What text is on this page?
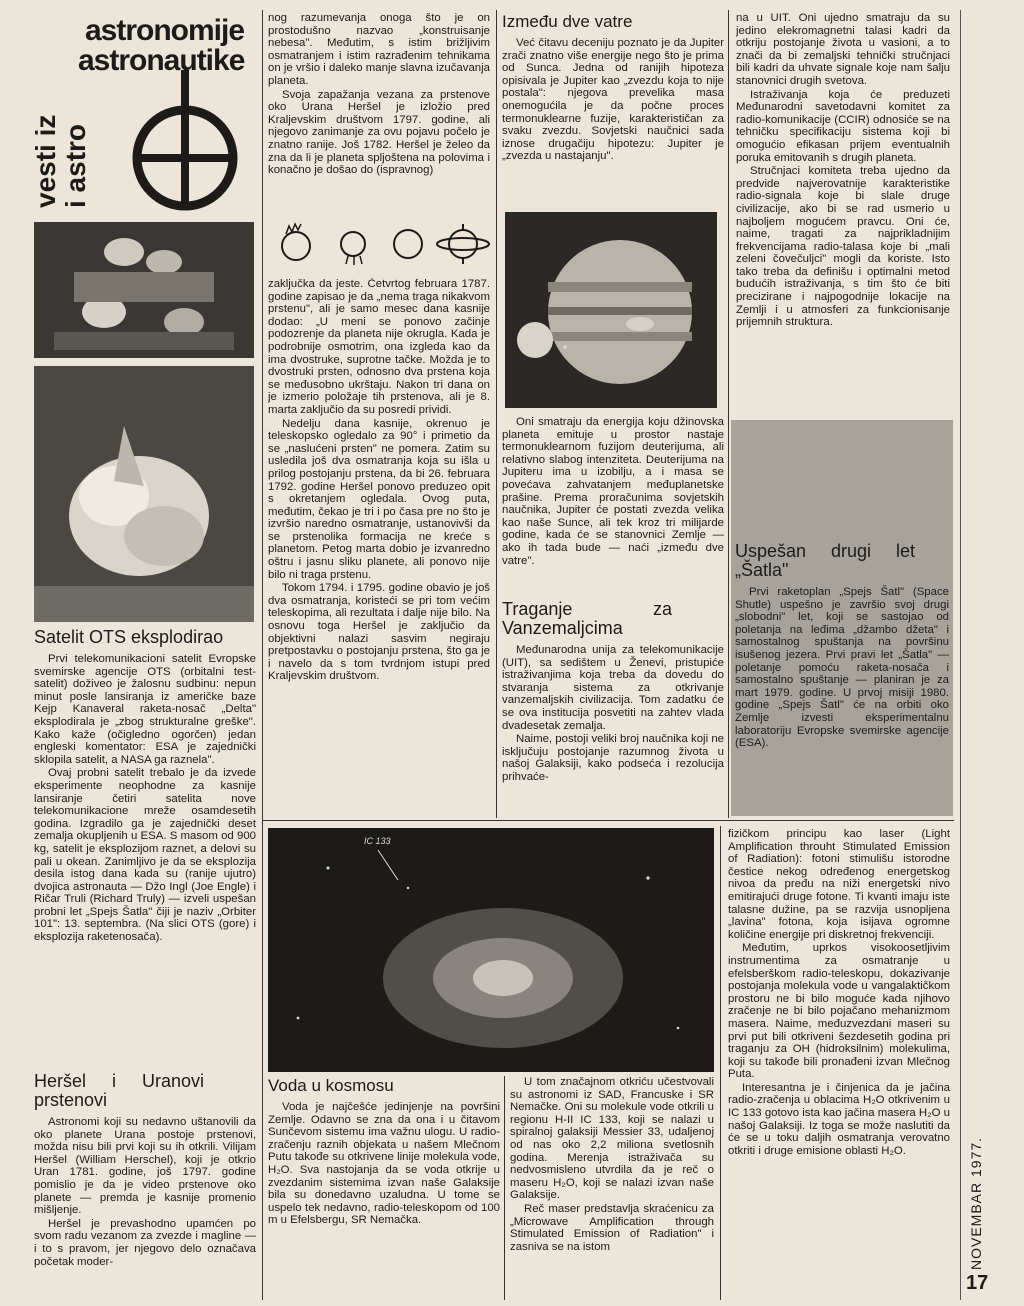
astronomije
astronautike
vesti iz i astro
Satelit OTS eksplodirao

Prvi telekomunikacioni satelit Evropske svemirske agencije OTS (orbitalni test-satelit) doživeo je žalosnu sudbinu: nepun minut posle lansiranja iz američke baze Kejp Kanaveral raketa-nosač „Delta" eksplodirala je „zbog strukturalne greške". Kako kaže (očigledno ogorčen) jedan engleski komentator: ESA je zajednički sklopila satelit, a NASA ga raznela".

Ovaj probni satelit trebalo je da izvede eksperimente neophodne za kasnije lansiranje četiri satelita nove telekomunikacione mreže osamdesetih godina. Izgradilo ga je zajednički deset zemalja okupljenih u ESA. S masom od 900 kg, satelit je eksplozijom raznet, a delovi su pali u okean. Zanimljivo je da se eksplozija desila istog dana kada su (ranije ujutro) dvojica astronauta — Džo Ingl (Joe Engle) i Ričar Truli (Richard Truly) — izveli uspešan probni let „Spejs Šatla" čiji je naziv „Orbiter 101": 13. septembra. (Na slici OTS (gore) i eksplozija raketenosača).

Heršel i Uranovi prstenovi

Astronomi koji su nedavno uštanovili da oko planete Urana postoje prstenovi, možda nisu bili prvi koji su ih otkrili. Vilijam Heršel (William Herschel), koji je otkrio Uran 1781. godine, još 1797. godine pomislio je da je video prstenove oko planete — premda je kasnije promenio mišljenje.

Heršel je prevashodno upamćen po svom radu vezanom za zvezde i magline — i to s pravom, jer njegovo delo označava početak moder-

nog razumevanja onoga što je on prostodušno nazvao „konstruisanje nebesa". Međutim, s istim brižljivim osmatranjem i istim razrađenim tehnikama on je vršio i daleko manje slavna izučavanja planeta.

Svoja zapažanja vezana za prstenove oko Urana Heršel je izložio pred Kraljevskim društvom 1797. godine, ali njegovo zanimanje za ovu pojavu počelo je znatno ranije. Još 1782. Heršel je želeo da zna da li je planeta spljoštena na polovima i konačno je došao do (ispravnog)

zaključka da jeste. Četvrtog februara 1787. godine zapisao je da „nema traga nikakvom prstenu", ali je samo mesec dana kasnije dodao: „U meni se ponovo začinje podozrenje da planeta nije okrugla. Kada je podrobnije osmotrim, ona izgleda kao da ima dvostruke, suprotne tačke. Možda je to dvostruki prsten, odnosno dva prstena koja se međusobno ukrštaju. Nakon tri dana on je izmerio položaje tih prstenova, ali je 8. marta zaključio da su posredi prividi.

Nedelju dana kasnije, okrenuo je teleskopsko ogledalo za 90° i primetio da se „naslućeni prsten" ne pomera. Zatim su usledila još dva osmatranja koja su išla u prilog postojanju prstena, da bi 26. februara 1792. godine Heršel ponovo preduzeo opit s okretanjem ogledala. Ovog puta, međutim, čekao je tri i po časa pre no što je izvršio naredno osmatranje, ustanovivši da se prstenolika formacija ne kreće s planetom. Petog marta dobio je izvanredno oštru i jasnu sliku planete, ali ponovo nije bilo ni traga prstenu.

Tokom 1794. i 1795. godine obavio je još dva osmatranja, koristeći se pri tom većim teleskopima, ali rezultata i dalje nije bilo. Na osnovu toga Heršel je zaključio da objektivni nalazi sasvim negiraju pretpostavku o postojanju prstena, što ga je i navelo da s tom tvrdnjom istupi pred Kraljevskim društvom.

Između dve vatre

Već čitavu deceniju poznato je da Jupiter zrači znatno više energije nego što je prima od Sunca. Jedna od ranijih hipoteza opisivala je Jupiter kao „zvezdu koja to nije postala": njegova prevelika masa onemogućila je da počne proces termonuklearne fuzije, karakterističan za svaku zvezdu. Sovjetski naučnici sada iznose drugačiju hipotezu: Jupiter je „zvezda u nastajanju".

Oni smatraju da energija koju džinovska planeta emituje u prostor nastaje termonuklearnom fuzijom deuterijuma, ali relativno slabog intenziteta. Deuterijuma na Jupiteru ima u izobilju, a i masa se povećava zahvatanjem međuplanetske prašine. Prema proračunima sovjetskih naučnika, Jupiter će postati zvezda velika kao naše Sunce, ali tek kroz tri milijarde godine, kada će se stanovnici Zemlje — ako ih tada bude — naći „između dve vatre".

Traganje za Vanzemaljcima

Međunarodna unija za telekomunikacije (UIT), sa sedištem u Ženevi, pristupiće istraživanjima koja treba da dovedu do stvaranja sistema za otkrivanje vanzemaljskih civilizacija. Tom zadatku će se ova institucija posvetiti na zahtev vlada dvadesetak zemalja.

Naime, postoji veliki broj naučnika koji ne isključuju postojanje razumnog života u našoj Galaksiji, kako podseća i rezolucija prihvaće-

na u UIT. Oni ujedno smatraju da su jedino elekromagnetni talasi kadri da otkriju postojanje života u vasioni, a to znači da bi zemaljski tehnički stručnjaci bili kadri da uhvate signale koje nam šalju stanovnici drugih svetova.

Istraživanja koja će preduzeti Međunarodni savetodavni komitet za radio-komunikacije (CCIR) odnosiće se na tehničku specifikaciju sistema koji bi omogućio efikasan prijem eventualnih poruka emitovanih s drugih planeta.

Stručnjaci komiteta treba ujedno da predvide najverovatnije karakteristike radio-signala koje bi slale druge civilizacije, ako bi se rad usmerio u najboljem mogućem pravcu. Oni će, naime, tragati za najprikladnijim frekvencijama radio-talasa koje bi „mali zeleni čovečuljci" mogli da koriste. Isto tako treba da definišu i optimalni metod budućih istraživanja, s tim što će biti precizirane i najpogodnije lokacije na Zemlji i u atmosferi za funkcionisanje prijemnih struktura.

Uspešan drugi let „Šatla"

Prvi raketoplan „Spejs Šatl" (Space Shutle) uspešno je završio svoj drugi „slobodni" let, koji se sastojao od poletanja na leđima „džambo džeta" i samostalnog spuštanja na površinu isušenog jezera. Prvi pravi let „Šatla" — poletanje pomoću raketa-nosača i samostalno spuštanje — planiran je za mart 1979. godine. U prvoj misiji 1980. godine „Spejs Šatl" će na orbiti oko Zemlje izvesti eksperimentalnu laboratoriju Evropske svemirske agencije (ESA).

IC 133
Voda u kosmosu

Voda je najčešće jedinjenje na površini Zemlje. Odavno se zna da ona i u čitavom Sunčevom sistemu ima važnu ulogu. U radio-zračenju raznih objekata u našem Mlečnom Putu takođe su otkrivene linije molekula vode, H₂O. Sva nastojanja da se voda otkrije u zvezdanim sistemima izvan naše Galaksije bila su donedavno uzaludna. U tome se uspelo tek nedavno, radio-teleskopom od 100 m u Efelsbergu, SR Nemačka.

U tom značajnom otkriću učestvovali su astronomi iz SAD, Francuske i SR Nemačke. Oni su molekule vode otkrili u regionu H-II IC 133, koji se nalazi u spiralnoj galaksiji Messier 33, udaljenoj od nas oko 2,2 miliona svetlosnih godina. Merenja istraživača su nedvosmisleno utvrdila da je reč o maseru H₂O, koji se nalazi izvan naše Galaksije.

Reč maser predstavlja skraćenicu za „Microwave Amplification through Stimulated Emission of Radiation" i zasniva se na istom

fizičkom principu kao laser (Light Amplification throuht Stimulated Emission of Radiation): fotoni stimulišu istorodne čestice nekog određenog energetskog nivoa da pređu na niži energetski nivo emitirajući druge fotone. Ti kvanti imaju iste talasne dužine, pa se razvija usnopljena „lavina" fotona, koja isijava ogromne količine energije pri diskretnoj frekvenciji.

Međutim, uprkos visokoosetljivim instrumentima za osmatranje u efelsberškom radio-teleskopu, dokazivanje postojanja molekula vode u vangalaktičkom prostoru ne bi bilo moguće kada njihovo zračenje ne bi bilo pojačano mehanizmom masera. Naime, međuzvezdani maseri su prvi put bili otkriveni šezdesetih godina pri traganju za OH (hidroksilnim) molekulima, koji su takođe bili pronađeni izvan Mlečnog Puta.

Interesantna je i činjenica da je jačina radio-zračenja u oblacima H₂O otkrivenim u IC 133 gotovo ista kao jačina masera H₂O u našoj Galaksiji. Iz toga se može naslutiti da će se u toku daljih osmatranja verovatno otkriti i druge emisione oblasti H₂O.	NOVEMBAR 1977.
17
